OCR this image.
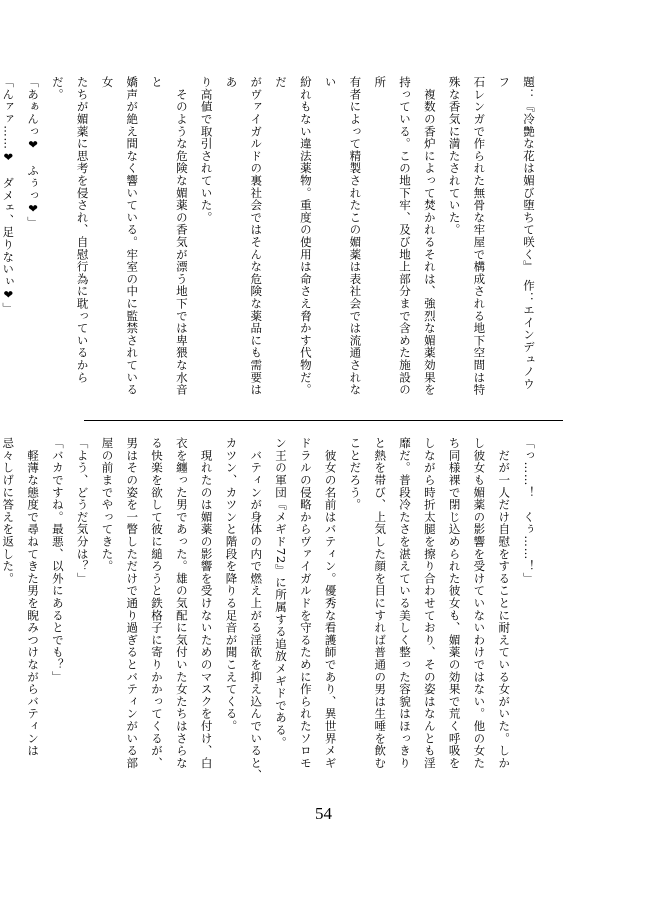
題：『冷艶な花は媚び堕ちて咲く』　作：エインデュノウフ
石レンガで作られた無骨な牢屋で構成される地下空間は特
殊な香気に満たされていた。
　複数の香炉によって焚かれるそれは、強烈な媚薬効果を
持っている。この地下牢、及び地上部分まで含めた施設の所
有者によって精製されたこの媚薬は表社会では流通されない
紛れもない違法薬物。重度の使用は命さえ脅かす代物だ。だ
がヴァイガルドの裏社会ではそんな危険な薬品にも需要はあ
り高値で取引されていた。
　そのような危険な媚薬の香気が漂う地下では卑猥な水音と
嬌声が絶え間なく響いている。牢室の中に監禁されている女
たちが媚薬に思考を侵され、自慰行為に耽っているからだ。
「あぁんっ❤　ふぅっ❤」
「んァァ……❤　ダメェ、足りないぃ❤」
「っ……！　くぅ……！」
　だが一人だけ自慰をすることに耐えている女がいた。しか
し彼女も媚薬の影響を受けていないわけではない。他の女た
ち同様裸で閉じ込められた彼女も、媚薬の効果で荒く呼吸を
しながら時折太腿を擦り合わせており、その姿はなんとも淫
靡だ。普段冷たさを湛えている美しく整った容貌はほっきり
と熱を帯び、上気した顔を目にすれば普通の男は生唾を飲む
ことだろう。
　彼女の名前はバティン。優秀な看護師であり、異世界メギ
ドラルの侵略からヴァイガルドを守るために作られたソロモ
ン王の軍団『メギド72』に所属する追放メギドである。
　バティンが身体の内で燃え上がる淫欲を抑え込んでいると、
カツン、カツンと階段を降りる足音が聞こえてくる。
　現れたのは媚薬の影響を受けないためのマスクを付け、白
衣を纏った男であった。雄の気配に気付いた女たちはさらな
る快楽を欲して彼に縋ろうと鉄格子に寄りかかってくるが、
男はその姿を一瞥しただけで通り過ぎるとバティンがいる部
屋の前までやってきた。
「よう、どうだ気分は？」
「バカですね。最悪、以外にあるとでも？」
　軽薄な態度で尋ねてきた男を睨みつけながらバティンは
忌々しげに答えを返した。
54
